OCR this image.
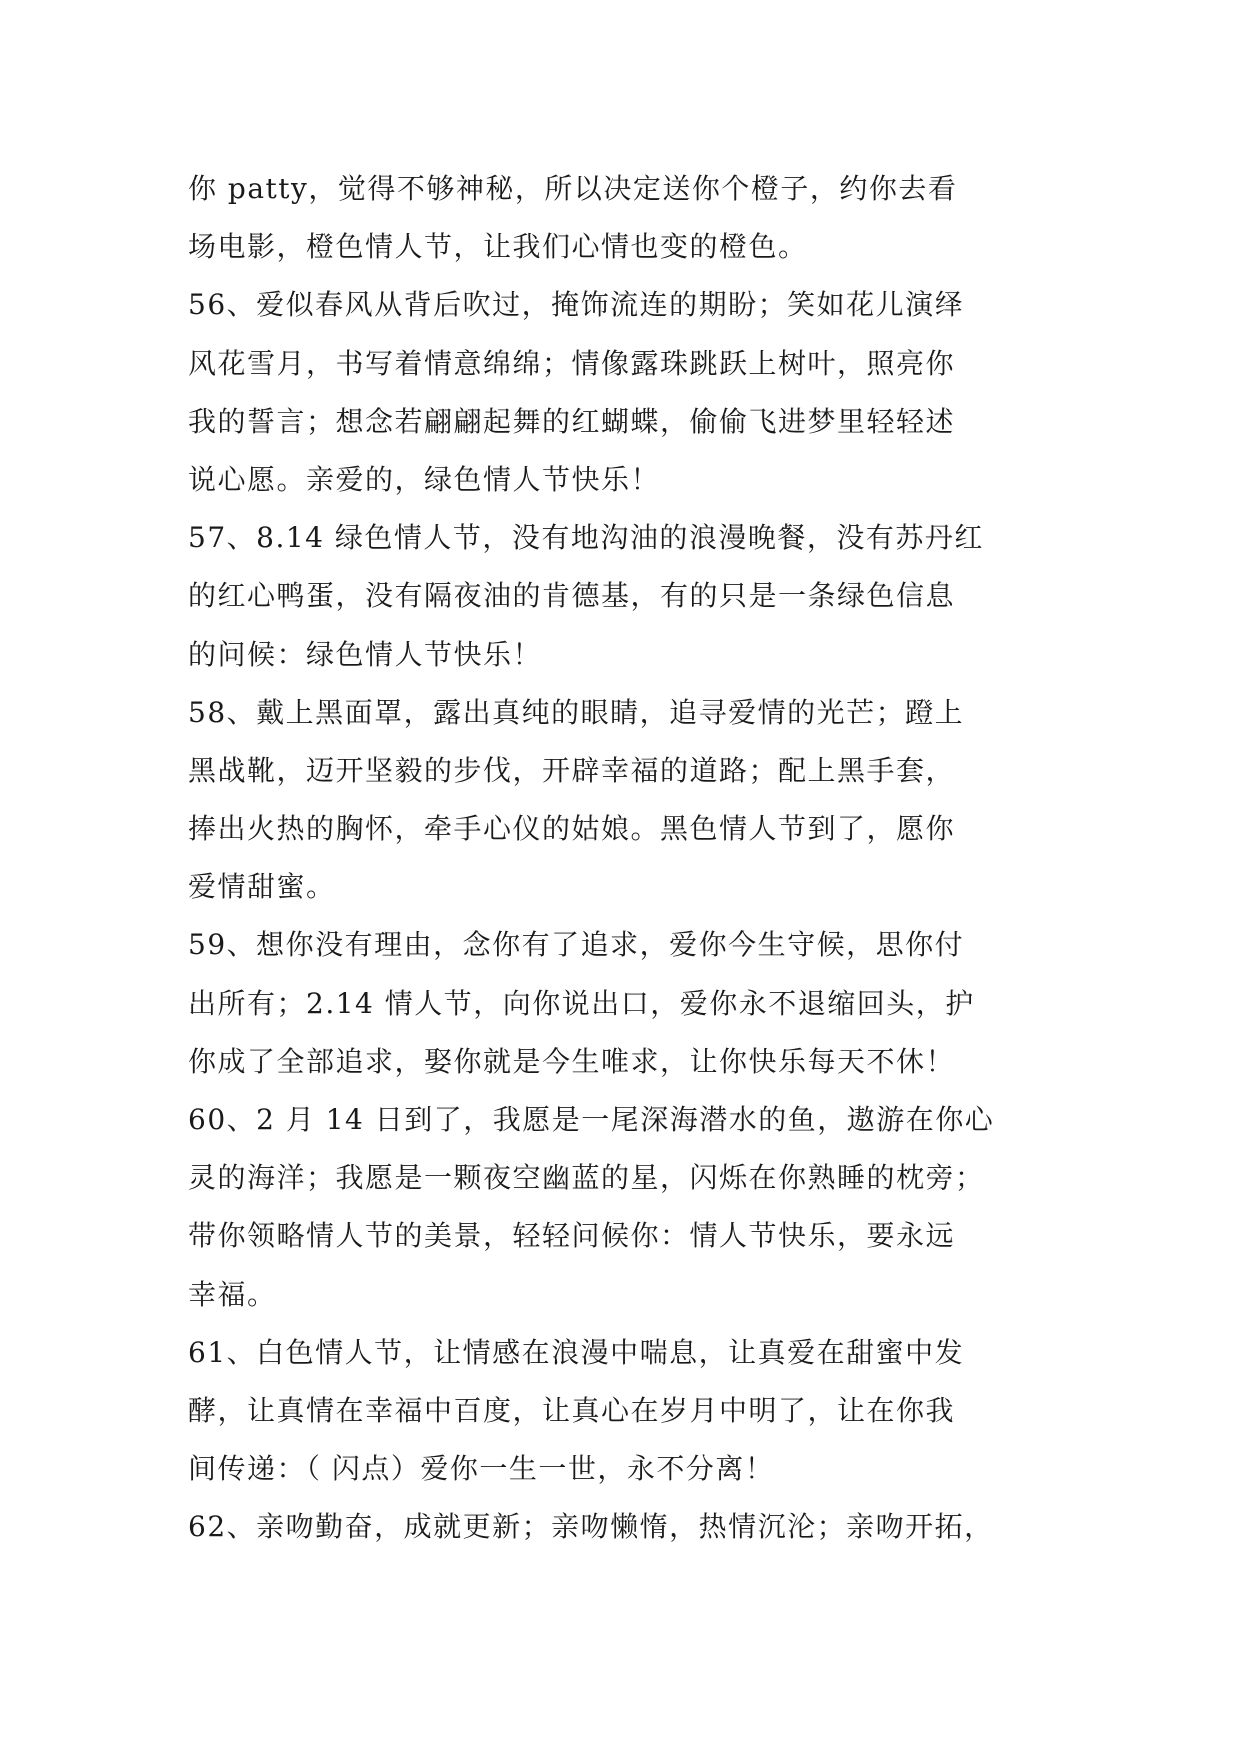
你 patty，觉得不够神秘，所以决定送你个橙子，约你去看
场电影，橙色情人节，让我们心情也变的橙色。
56、爱似春风从背后吹过，掩饰流连的期盼；笑如花儿演绎
风花雪月，书写着情意绵绵；情像露珠跳跃上树叶，照亮你
我的誓言；想念若翩翩起舞的红蝴蝶，偷偷飞进梦里轻轻述
说心愿。亲爱的，绿色情人节快乐！
57、8.14 绿色情人节，没有地沟油的浪漫晚餐，没有苏丹红
的红心鸭蛋，没有隔夜油的肯德基，有的只是一条绿色信息
的问候：绿色情人节快乐！
58、戴上黑面罩，露出真纯的眼睛，追寻爱情的光芒；蹬上
黑战靴，迈开坚毅的步伐，开辟幸福的道路；配上黑手套，
捧出火热的胸怀，牵手心仪的姑娘。黑色情人节到了，愿你
爱情甜蜜。
59、想你没有理由，念你有了追求，爱你今生守候，思你付
出所有；2.14 情人节，向你说出口，爱你永不退缩回头，护
你成了全部追求，娶你就是今生唯求，让你快乐每天不休！
60、2 月 14 日到了，我愿是一尾深海潜水的鱼，遨游在你心
灵的海洋；我愿是一颗夜空幽蓝的星，闪烁在你熟睡的枕旁；
带你领略情人节的美景，轻轻问候你：情人节快乐，要永远
幸福。
61、白色情人节，让情感在浪漫中喘息，让真爱在甜蜜中发
酵，让真情在幸福中百度，让真心在岁月中明了，让在你我
间传递：（ 闪点）爱你一生一世，永不分离！
62、亲吻勤奋，成就更新；亲吻懒惰，热情沉沦；亲吻开拓，
